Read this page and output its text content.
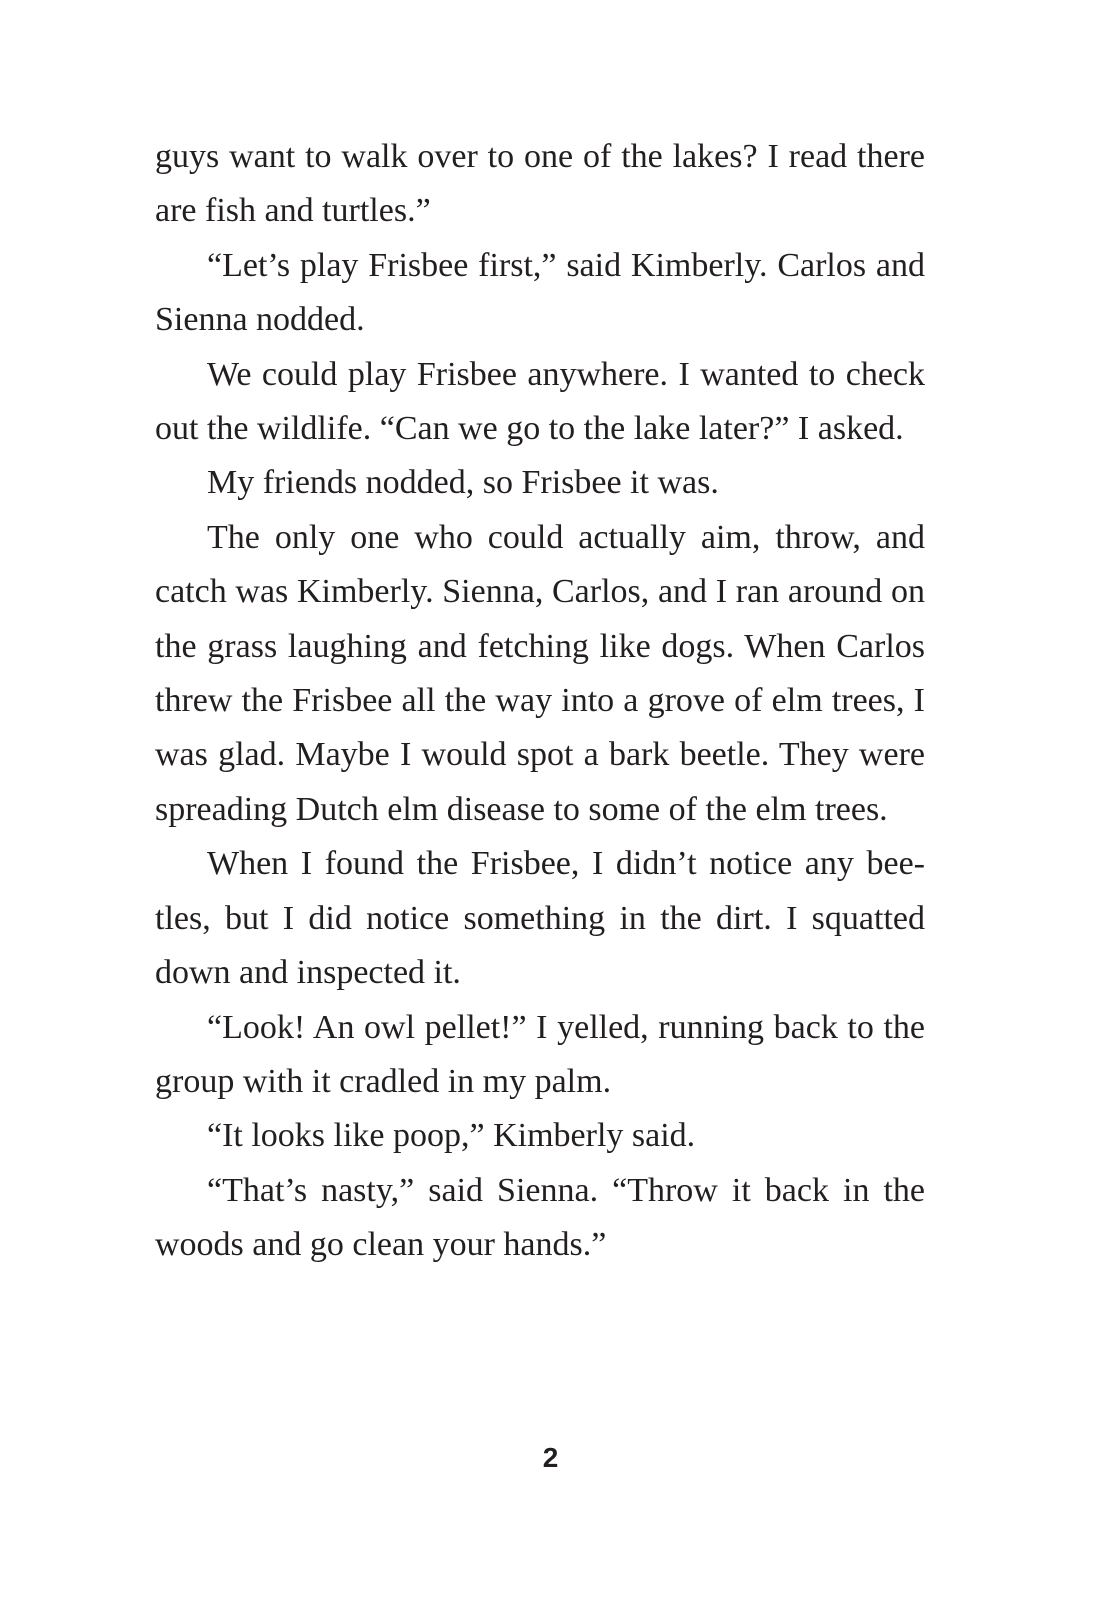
guys want to walk over to one of the lakes? I read there are fish and turtles.”

“Let’s play Frisbee first,” said Kimberly. Carlos and Sienna nodded.

We could play Frisbee anywhere. I wanted to check out the wildlife. “Can we go to the lake later?” I asked.

My friends nodded, so Frisbee it was.

The only one who could actually aim, throw, and catch was Kimberly. Sienna, Carlos, and I ran around on the grass laughing and fetching like dogs. When Carlos threw the Frisbee all the way into a grove of elm trees, I was glad. Maybe I would spot a bark beetle. They were spreading Dutch elm disease to some of the elm trees.

When I found the Frisbee, I didn’t notice any bee-tles, but I did notice something in the dirt. I squatted down and inspected it.

“Look! An owl pellet!” I yelled, running back to the group with it cradled in my palm.

“It looks like poop,” Kimberly said.

“That’s nasty,” said Sienna. “Throw it back in the woods and go clean your hands.”

2
